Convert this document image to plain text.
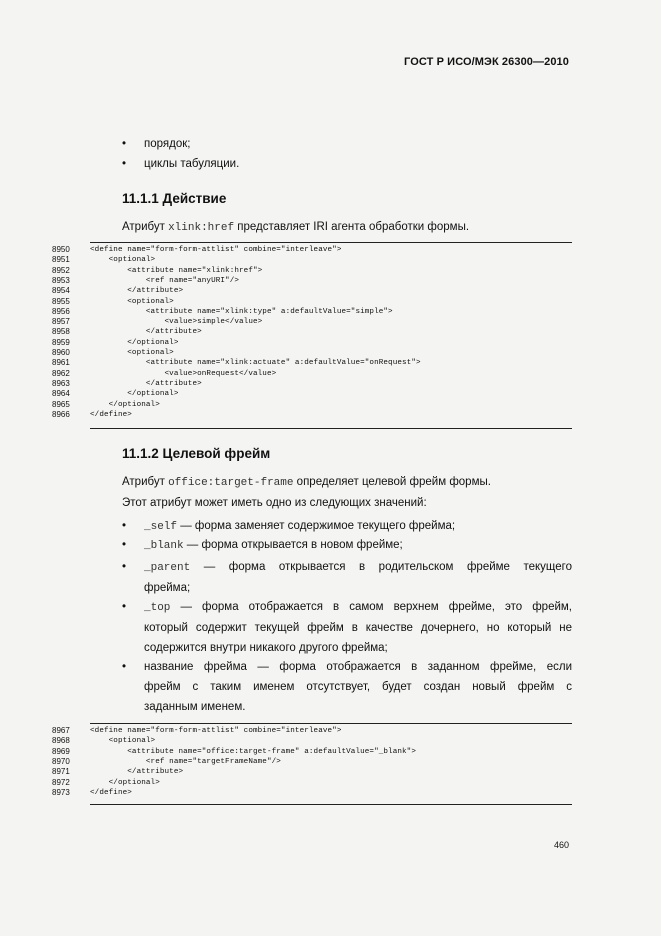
ГОСТ Р ИСО/МЭК 26300—2010
• порядок;
• циклы табуляции.
11.1.1 Действие
Атрибут xlink:href представляет IRI агента обработки формы.
8950	<define name="form-form-attlist" combine="interleave">
8951	<optional>
8952	<attribute name="xlink:href">
8953	<ref name="anyURI"/>
8954	</attribute>
8955	<optional>
8956	<attribute name="xlink:type" a:defaultValue="simple">
8957	<value>simple</value>
8958	</attribute>
8959	</optional>
8960	<optional>
8961	<attribute name="xlink:actuate" a:defaultValue="onRequest">
8962	<value>onRequest</value>
8963	</attribute>
8964	</optional>
8965	</optional>
8966	</define>
11.1.2 Целевой фрейм
Атрибут office:target-frame определяет целевой фрейм формы.
Этот атрибут может иметь одно из следующих значений:
• _self — форма заменяет содержимое текущего фрейма;
• _blank — форма открывается в новом фрейме;
• _parent — форма открывается в родительском фрейме текущего
фрейма;
• _top — форма отображается в самом верхнем фрейме, это фрейм,
который содержит текущей фрейм в качестве дочернего, но который не
содержится внутри никакого другого фрейма;
• название фрейма — форма отображается в заданном фрейме, если
фрейм с таким именем отсутствует, будет создан новый фрейм с
заданным именем.
8967	<define name="form-form-attlist" combine="interleave">
8968	<optional>
8969	<attribute name="office:target-frame" a:defaultValue="_blank">
8970	<ref name="targetFrameName"/>
8971	</attribute>
8972	</optional>
8973	</define>
460
